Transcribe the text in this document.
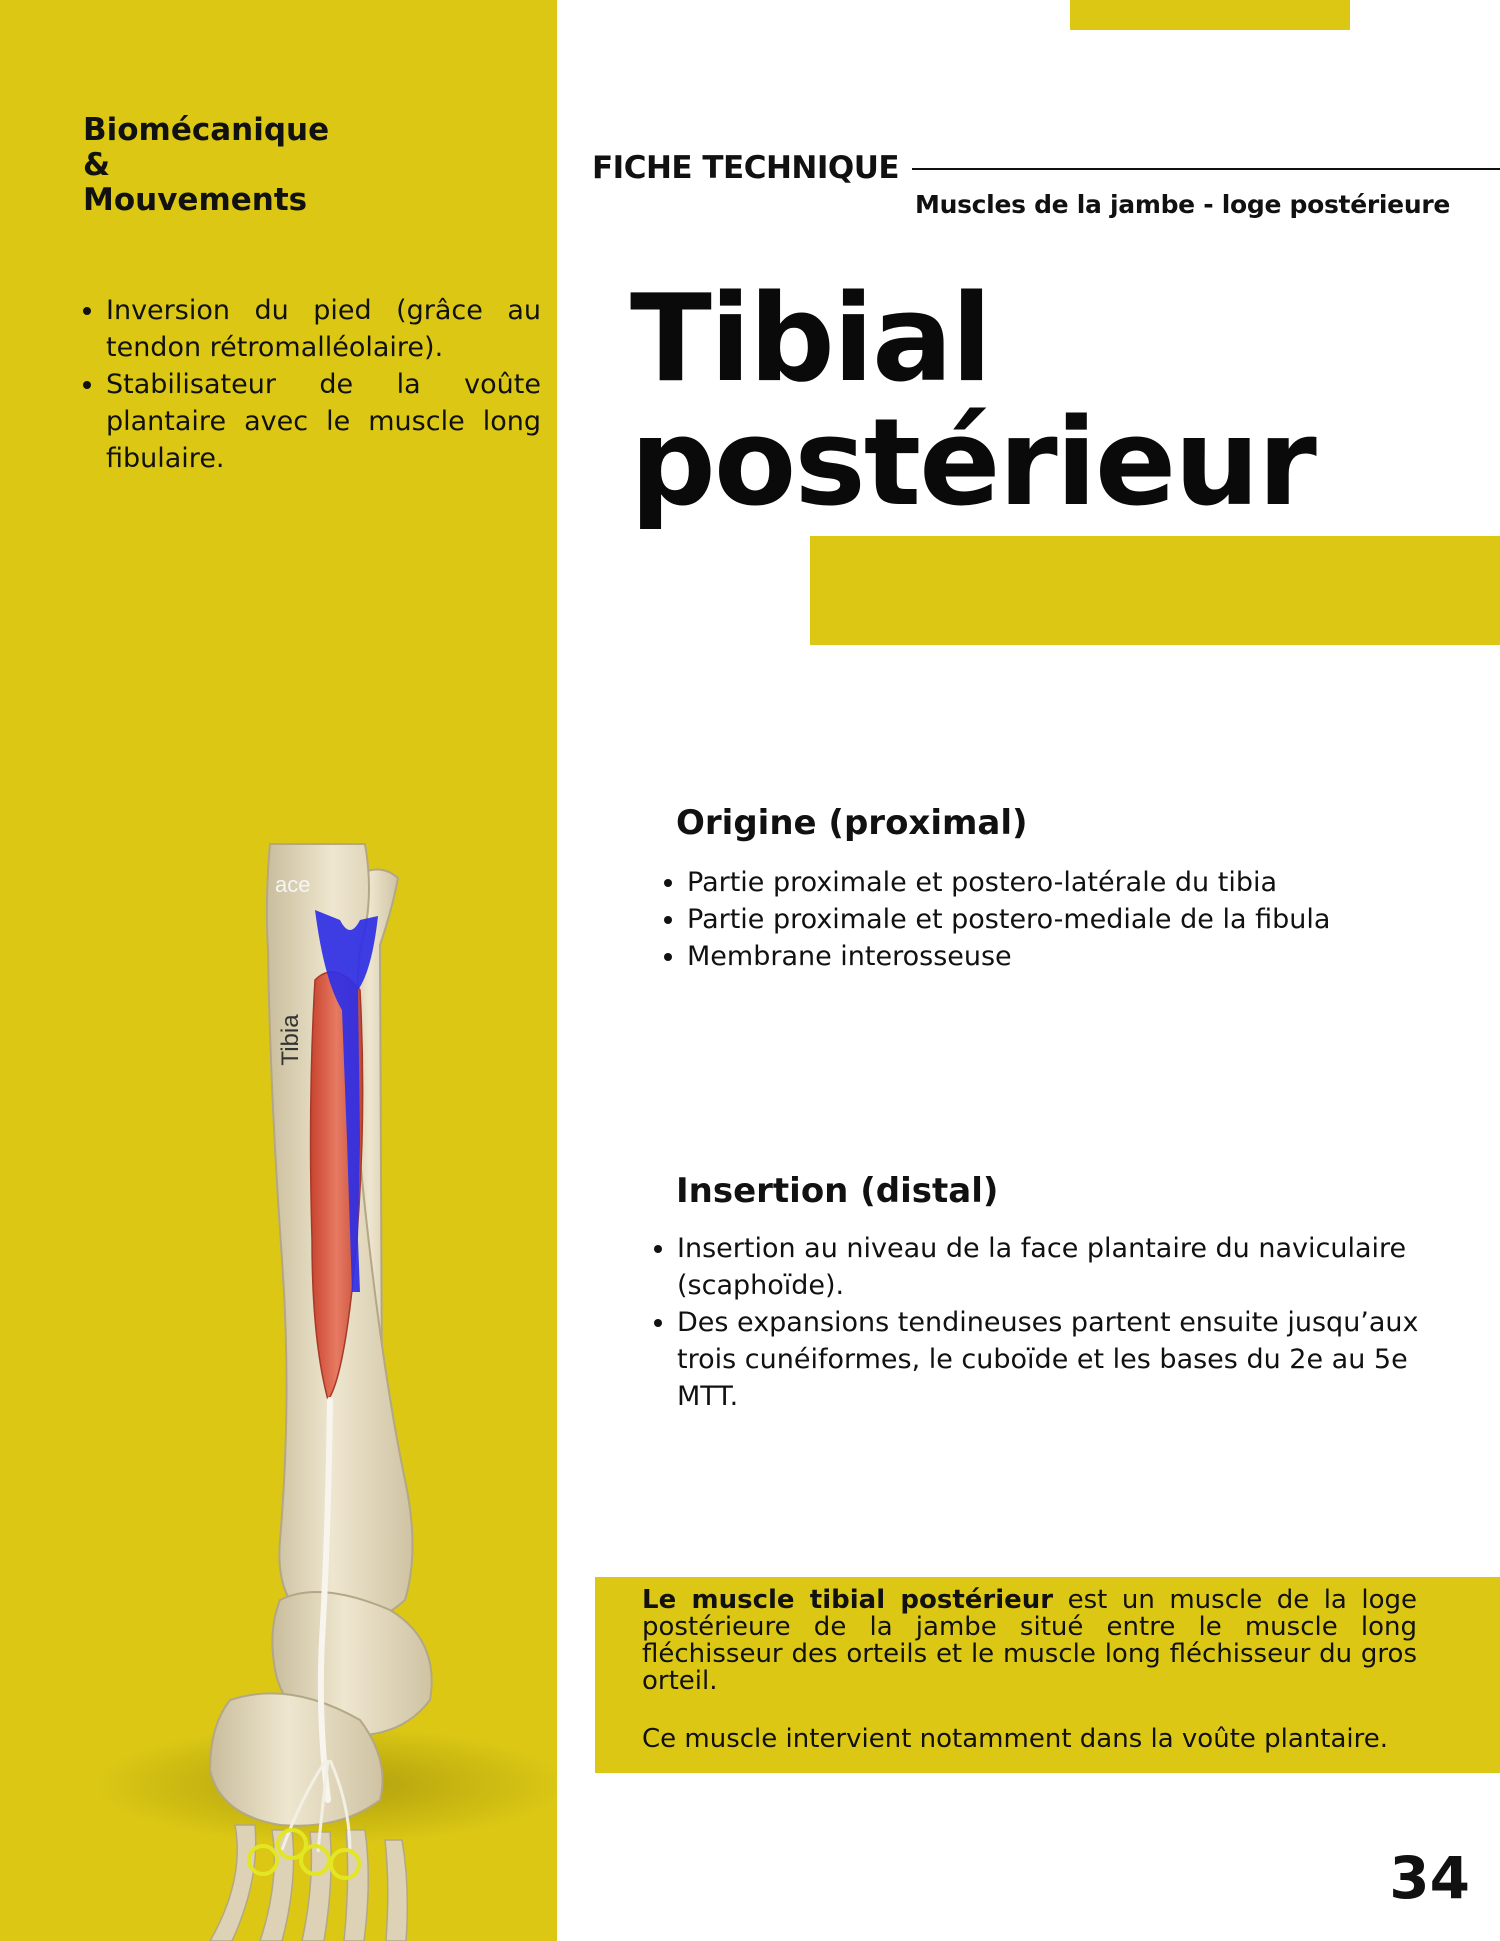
Biomécanique
&
Mouvements
• Inversion du pied (grâce au tendon rétromalléolaire).
• Stabilisateur de la voûte plantaire avec le muscle long fibulaire.
FICHE TECHNIQUE
Muscles de la jambe - loge postérieure
Tibial
postérieur
Origine (proximal)
• Partie proximale et postero-latérale du tibia
• Partie proximale et postero-mediale de la fibula
• Membrane interosseuse
Insertion (distal)
• Insertion au niveau de la face plantaire du naviculaire (scaphoïde).
• Des expansions tendineuses partent ensuite jusqu’aux trois cunéiformes, le cuboïde et les bases du 2e au 5e MTT.

Le muscle tibial postérieur est un muscle de la loge postérieure de la jambe situé entre le muscle long fléchisseur des orteils et le muscle long fléchisseur du gros orteil.

Ce muscle intervient notamment dans la voûte plantaire.

34
Tibia
ace
